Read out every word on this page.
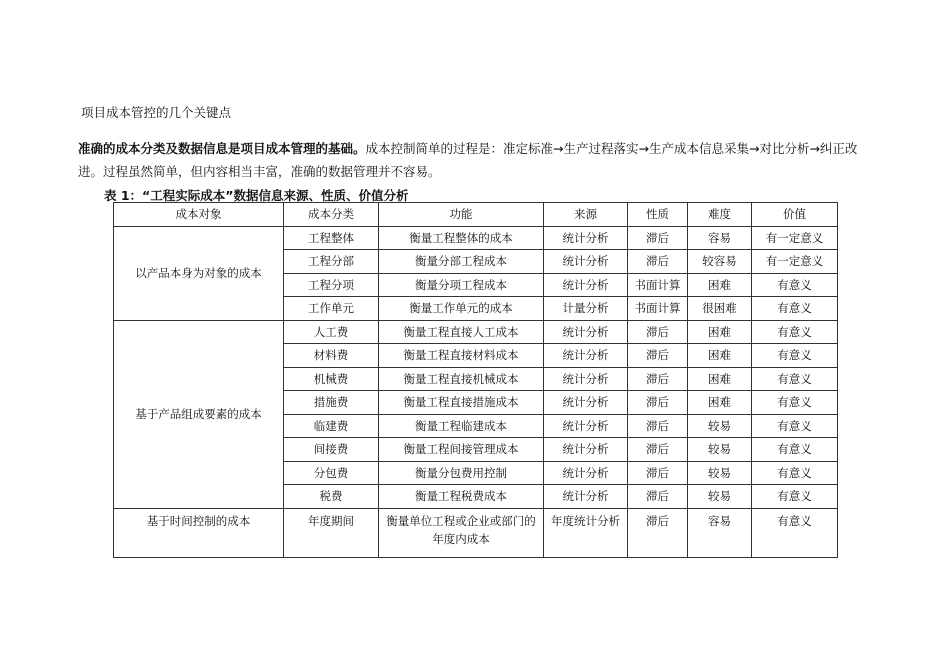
项目成本管控的几个关键点
准确的成本分类及数据信息是项目成本管理的基础。成本控制简单的过程是：准定标准→生产过程落实→生产成本信息采集→对比分析→纠正改进。过程虽然简单，但内容相当丰富，准确的数据管理并不容易。
表 1：“工程实际成本”数据信息来源、性质、价值分析
成本对象	成本分类	功能	来源	性质	难度	价值
以产品本身为对象的成本	工程整体	衡量工程整体的成本	统计分析	滞后	容易	有一定意义
	工程分部	衡量分部工程成本	统计分析	滞后	较容易	有一定意义
	工程分项	衡量分项工程成本	统计分析	书面计算	困难	有意义
	工作单元	衡量工作单元的成本	计量分析	书面计算	很困难	有意义
基于产品组成要素的成本	人工费	衡量工程直接人工成本	统计分析	滞后	困难	有意义
	材料费	衡量工程直接材料成本	统计分析	滞后	困难	有意义
	机械费	衡量工程直接机械成本	统计分析	滞后	困难	有意义
	措施费	衡量工程直接措施成本	统计分析	滞后	困难	有意义
	临建费	衡量工程临建成本	统计分析	滞后	较易	有意义
	间接费	衡量工程间接管理成本	统计分析	滞后	较易	有意义
	分包费	衡量分包费用控制	统计分析	滞后	较易	有意义
	税费	衡量工程税费成本	统计分析	滞后	较易	有意义
基于时间控制的成本	年度期间	衡量单位工程或企业或部门的年度内成本	年度统计分析	滞后	容易	有意义
